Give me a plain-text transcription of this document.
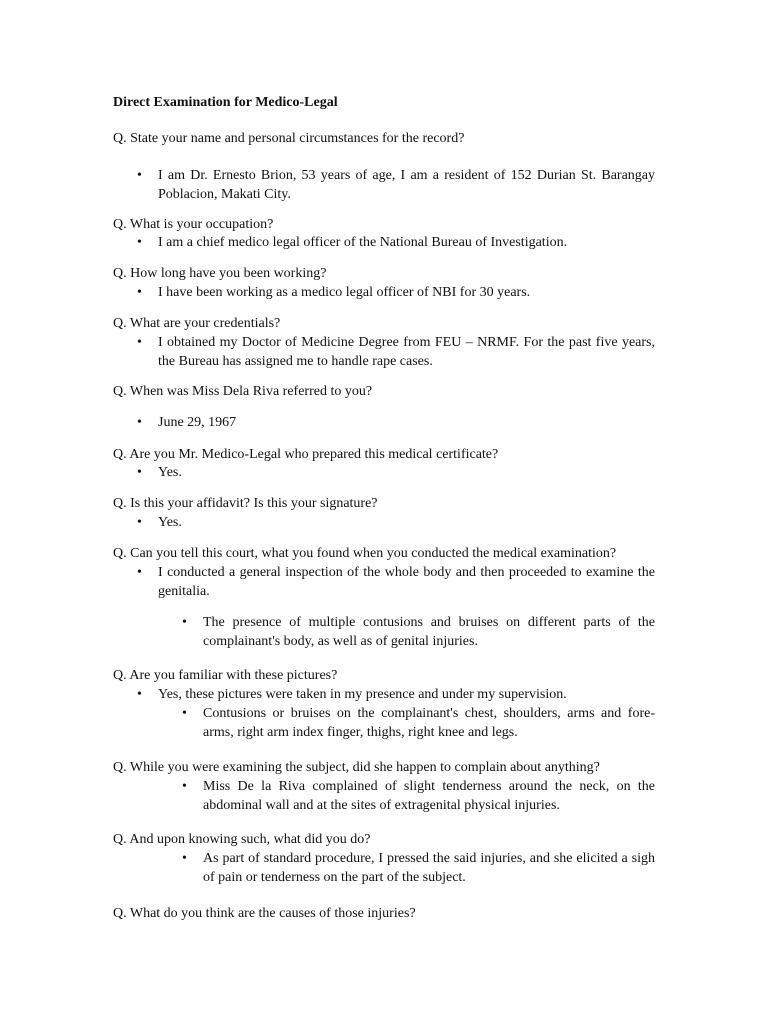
Direct Examination for Medico-Legal
Q. State your name and personal circumstances for the record?
• I am Dr. Ernesto Brion, 53 years of age, I am a resident of 152 Durian St. Barangay Poblacion, Makati City.
Q. What is your occupation?
• I am a chief medico legal officer of the National Bureau of Investigation.
Q. How long have you been working?
• I have been working as a medico legal officer of NBI for 30 years.
Q. What are your credentials?
• I obtained my Doctor of Medicine Degree from FEU – NRMF. For the past five years, the Bureau has assigned me to handle rape cases.
Q. When was Miss Dela Riva referred to you?
• June 29, 1967
Q. Are you Mr. Medico-Legal who prepared this medical certificate?
• Yes.
Q. Is this your affidavit? Is this your signature?
• Yes.
Q. Can you tell this court, what you found when you conducted the medical examination?
• I conducted a general inspection of the whole body and then proceeded to examine the genitalia.
• The presence of multiple contusions and bruises on different parts of the complainant's body, as well as of genital injuries.
Q. Are you familiar with these pictures?
• Yes, these pictures were taken in my presence and under my supervision.
• Contusions or bruises on the complainant's chest, shoulders, arms and fore-arms, right arm index finger, thighs, right knee and legs.
Q. While you were examining the subject, did she happen to complain about anything?
• Miss De la Riva complained of slight tenderness around the neck, on the abdominal wall and at the sites of extragenital physical injuries.
Q. And upon knowing such, what did you do?
• As part of standard procedure, I pressed the said injuries, and she elicited a sigh of pain or tenderness on the part of the subject.
Q. What do you think are the causes of those injuries?
